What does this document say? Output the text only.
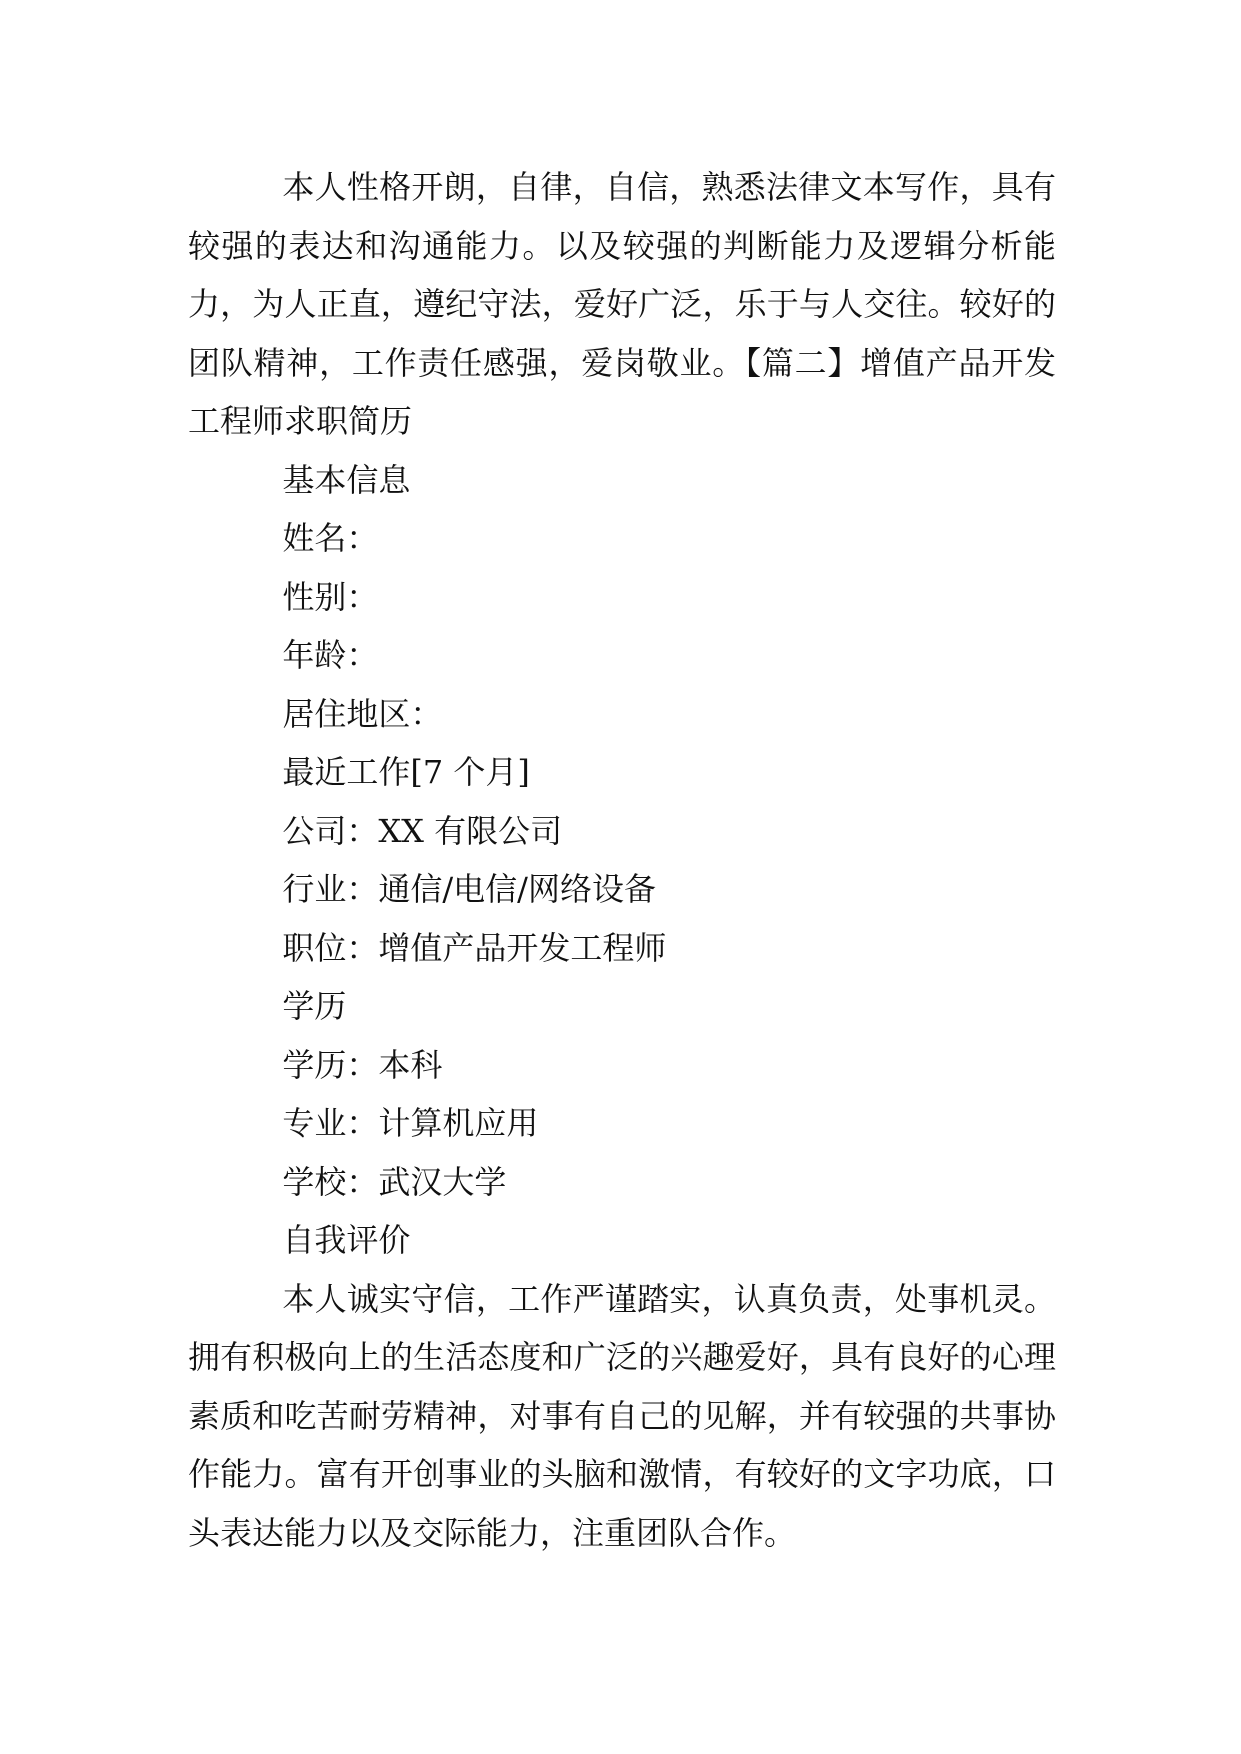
本人性格开朗，自律，自信，熟悉法律文本写作，具有较强的表达和沟通能力。以及较强的判断能力及逻辑分析能力，为人正直，遵纪守法，爱好广泛，乐于与人交往。较好的团队精神，工作责任感强，爱岗敬业。【篇二】增值产品开发工程师求职简历

基本信息

姓名：

性别：

年龄：

居住地区：

最近工作[7 个月]

公司：XX 有限公司

行业：通信/电信/网络设备

职位：增值产品开发工程师

学历

学历：本科

专业：计算机应用

学校：武汉大学

自我评价

本人诚实守信，工作严谨踏实，认真负责，处事机灵。拥有积极向上的生活态度和广泛的兴趣爱好，具有良好的心理素质和吃苦耐劳精神，对事有自己的见解，并有较强的共事协作能力。富有开创事业的头脑和激情，有较好的文字功底，口头表达能力以及交际能力，注重团队合作。
